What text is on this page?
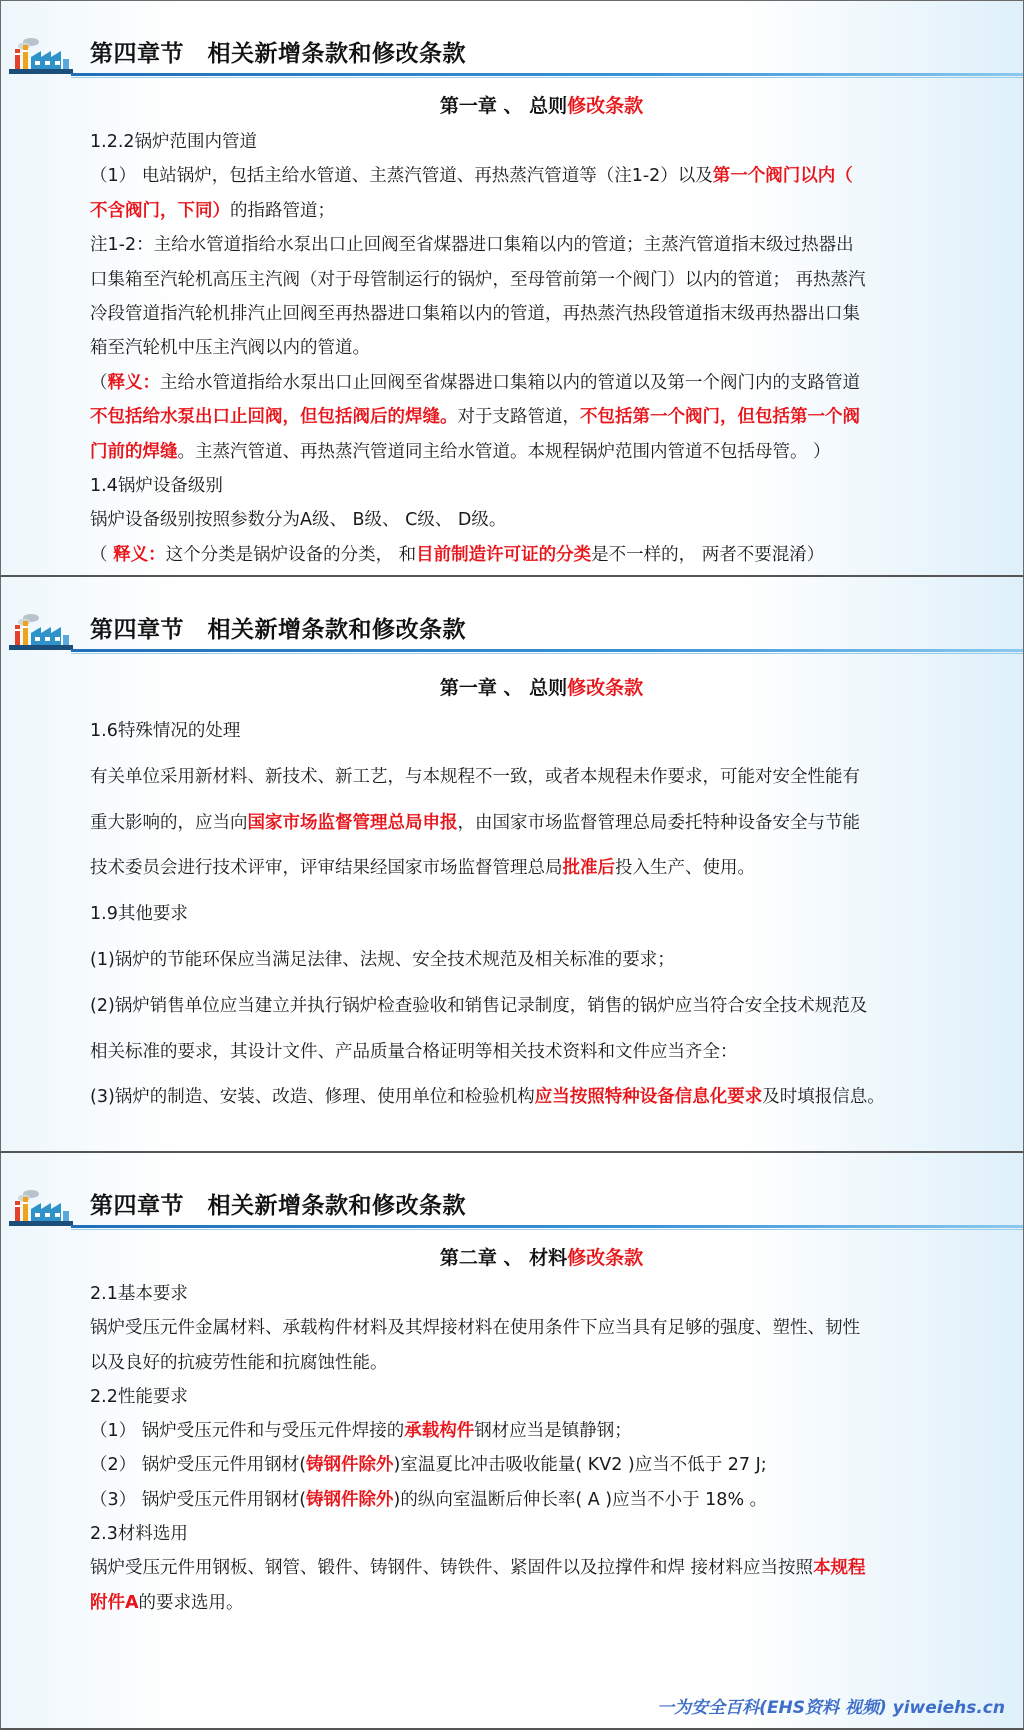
第四章节　相关新增条款和修改条款
第一章 、 总则修改条款
1.2.2锅炉范围内管道
（1） 电站锅炉，包括主给水管道、主蒸汽管道、再热蒸汽管道等（注1-2）以及第一个阀门以内（
不含阀门，下同）的指路管道；
注1-2：主给水管道指给水泵出口止回阀至省煤器进口集箱以内的管道；主蒸汽管道指末级过热器出
口集箱至汽轮机高压主汽阀（对于母管制运行的锅炉，至母管前第一个阀门）以内的管道； 再热蒸汽
冷段管道指汽轮机排汽止回阀至再热器进口集箱以内的管道，再热蒸汽热段管道指末级再热器出口集
箱至汽轮机中压主汽阀以内的管道。
（释义：主给水管道指给水泵出口止回阀至省煤器进口集箱以内的管道以及第一个阀门内的支路管道
不包括给水泵出口止回阀，但包括阀后的焊缝。对于支路管道，不包括第一个阀门，但包括第一个阀
门前的焊缝。主蒸汽管道、再热蒸汽管道同主给水管道。本规程锅炉范围内管道不包括母管。 ）
1.4锅炉设备级别
锅炉设备级别按照参数分为A级、 B级、 C级、 D级。
（ 释义：这个分类是锅炉设备的分类， 和目前制造许可证的分类是不一样的， 两者不要混淆）
第四章节　相关新增条款和修改条款
第一章 、 总则修改条款
1.6特殊情况的处理
有关单位采用新材料、新技术、新工艺，与本规程不一致，或者本规程未作要求，可能对安全性能有
重大影响的，应当向国家市场监督管理总局申报，由国家市场监督管理总局委托特种设备安全与节能
技术委员会进行技术评审，评审结果经国家市场监督管理总局批准后投入生产、使用。
1.9其他要求
(1)锅炉的节能环保应当满足法律、法规、安全技术规范及相关标准的要求；
(2)锅炉销售单位应当建立并执行锅炉检查验收和销售记录制度，销售的锅炉应当符合安全技术规范及
相关标准的要求，其设计文件、产品质量合格证明等相关技术资料和文件应当齐全：
(3)锅炉的制造、安装、改造、修理、使用单位和检验机构应当按照特种设备信息化要求及时填报信息。
第四章节　相关新增条款和修改条款
第二章 、 材料修改条款
2.1基本要求
锅炉受压元件金属材料、承载构件材料及其焊接材料在使用条件下应当具有足够的强度、塑性、韧性
以及良好的抗疲劳性能和抗腐蚀性能。
2.2性能要求
（1） 锅炉受压元件和与受压元件焊接的承载构件钢材应当是镇静钢；
（2） 锅炉受压元件用钢材(铸钢件除外)室温夏比冲击吸收能量( KV2 )应当不低于 27 J;
（3） 锅炉受压元件用钢材(铸钢件除外)的纵向室温断后伸长率( A )应当不小于 18% 。
2.3材料选用
锅炉受压元件用钢板、钢管、锻件、铸钢件、铸铁件、紧固件以及拉撑件和焊 接材料应当按照本规程
附件A的要求选用。
一为安全百科(EHS资料 视频) yiweiehs.cn
